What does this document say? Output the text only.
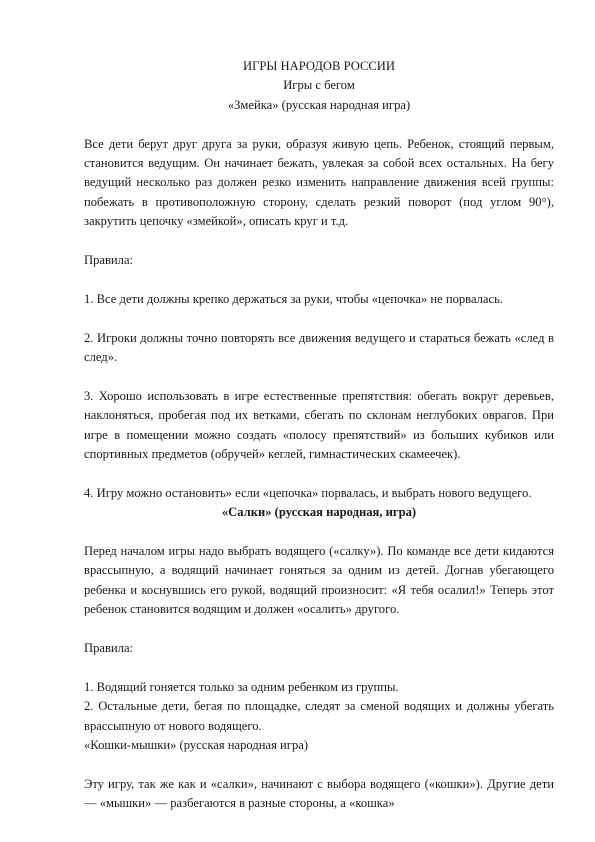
ИГРЫ НАРОДОВ РОССИИ

Игры с бегом

«Змейка» (русская народная игра)

Все дети берут друг друга за руки, образуя живую цепь. Ребенок, стоящий первым, становится ведущим. Он начинает бежать, увлекая за собой всех остальных. На бегу ведущий несколько раз должен резко изменить направление движения всей группы: побежать в противоположную сторону, сделать резкий поворот (под углом 90°), закрутить цепочку «змейкой», описать круг и т.д.

Правила:

1. Все дети должны крепко держаться за руки, чтобы «цепочка» не порвалась.

2. Игроки должны точно повторять все движения ведущего и стараться бежать «след в след».

3. Хорошо использовать в игре естественные препятствия: обегать вокруг деревьев, наклоняться, пробегая под их ветками, сбегать по склонам неглубоких оврагов. При игре в помещении можно создать «полосу препятствий» из больших кубиков или спортивных предметов (обручей» кеглей, гимнастических скамеечек).

4. Игру можно остановить» если «цепочка» порвалась, и выбрать нового ведущего.

«Салки» (русская народная, игра)

Перед началом игры надо выбрать водящего («салку»). По команде все дети кидаются врассыпную, а водящий начинает гоняться за одним из детей. Догнав убегающего ребенка и коснувшись его рукой, водящий произносит: «Я тебя осалил!» Теперь этот ребенок становится водящим и должен «осалить» другого.

Правила:

1. Водящий гоняется только за одним ребенком из группы.

2. Остальные дети, бегая по площадке, следят за сменой водящих и должны убегать врассыпную от нового водящего.

«Кошки-мышки» (русская народная игра)

Эту игру, так же как и «салки», начинают с выбора водящего («кошки»). Другие дети — «мышки» — разбегаются в разные стороны, а «кошка»
